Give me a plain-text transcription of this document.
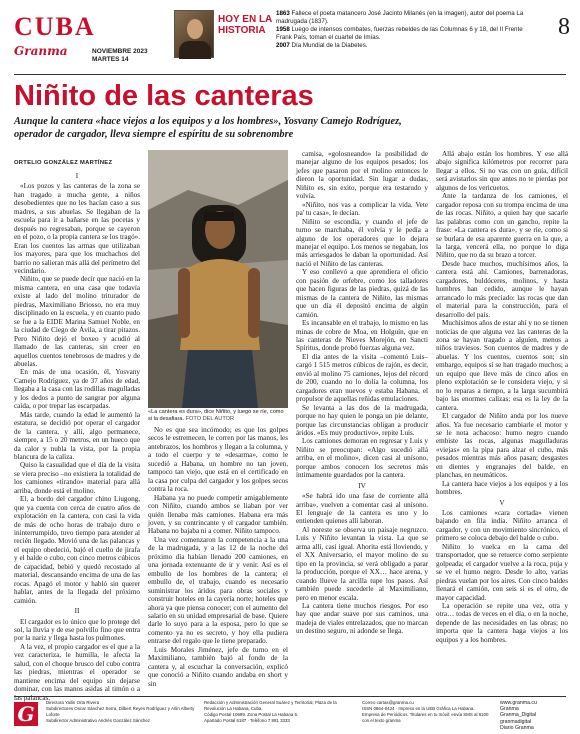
CUBA
Granma	NOVIEMBRE 2023
MARTES 14
HOY EN LA
HISTORIA
1863 Fallece el poeta matancero José Jacinto Milanés (en la imagen), autor del poema La madrugada (1837).
1958 Luego de intensos combates, fuerzas rebeldes de las Columnas 6 y 18, del II Frente Frank País, toman el cuartel de Imías.
2007 Día Mundial de la Diabetes.
8
Niñito de las canteras
Aunque la cantera «hace viejos a los equipos y a los hombres», Yosvany Camejo Rodríguez, operador de cargador, lleva siempre el espíritu de su sobrenombre
ORTELIO GONZÁLEZ MARTÍNEZ

I

«Los pozos y las canteras de la zona se han tragado a mucha gente, a niños desobedientes que no les hacían caso a sus madres, a sus abuelas. Se llegaban de la escuela para ir a bañarse en las pocetas y después no regresaban, porque se cayeron en el pozo, o la propia cantera se los tragó». Eran los cuentos las armas que utilizaban los mayores, para que los muchachos del barrio no salieran más allá del perímetro del vecindario.

Niñito, que se puede decir que nació en la misma cantera, en una casa que todavía existe al lado del molino triturador de piedras, Maximiliano Briosso, no era muy disciplinado en la escuela, y en cuanto pudo se fue a la EIDE Marina Samuel Noble, en la ciudad de Ciego de Ávila, a tirar pitazos. Pero Niñito dejó el boxeo y acudió al llamado de las canteras, sin creer en aquellos cuentos tenebrosos de madres y de abuelas.

En más de una ocasión, él, Yosvany Camejo Rodríguez, ya de 37 años de edad, llegaba a la casa con las rodillas magulladas y los dedos a punto de sangrar por alguna caída, o por trepar las escarpadas.

Más tarde, cuando la edad le aumentó la estatura, se decidió por operar el cargador de la cantera, y allí, algo permanece, siempre, a 15 o 20 metros, en un hueco que da calor y nubla la vista, por la propia blancura de la caliza.

Quiso la casualidad que el día de la visita se viera preciso –no existiera la totalidad de los camiones «tirando» material para allá arriba, donde está el molino.

El, a bordo del cargador chino Liugong, que ya cuenta con cerca de cuatro años de explotación en la cantera, con casi la vida de más de ocho horas de trabajo duro e ininterrumpido, tuvo tiempo para atender al recién llegado. Movió una de las palancas y el equipo obedeció, bajó el cuello de jirafa y el balde o cubo, con cinco metros cúbicos de capacidad, bebió y quedó recostado al material, descansando encima de una de las rocas. Apagó el motor y habló sin querer hablar, antes de la llegada del próximo camión.

II

El cargador es lo único que lo protege del sol, la lluvia y de ese polvillo fino que entra por la nariz y llega hasta los pulmones.

A la vez, el propio cargador es el que a la vez caracteriza, le humilla, le afecta la salud, con el choque brusco del cubo contra las piedras, mientras el operador se mantiene encima del equipo sin dejarse dominar, con las manos asidas al timón o a las palancas.

«La cantera es dura», dice Niñito, y luego se ríe, como si la desafiara. FOTO DEL AUTOR

No es que sea incómodo; es que los golpes secos le estremecen, le corren por las manos, les antebrazos, los hombros y llegan a la columna, y a todo el cuerpo y te «desarma», como le sucedió a Habana, un hombre no tan joven, tampoco tan viejo, que está en el certificado en la casa por culpa del cargador y los golpes secos contra la roca.

Habana ya no puede competir amigablemente con Niñito, cuando ambos se liaban por ver quién llenaba más camiones. Habana era más joven, y su contrincante y el cargador también. Habana no bajaba ni a comer. Niñito tampoco.

Una vez comenzaron la competencia a la una de la madrugada, y a las 12 de la noche del próximo día habían llenado 200 camiones, en una jornada extenuante de ir y venir. Así es el embullo de los hombres de la cantera; el embullo de, el trabajo, cuando es necesario suministrar los áridos para obras sociales y construir hoteles en la cayería norte; hoteles que ahora ya que piensa conocer; con el aumento del salario en su unidad empresarial de base. Quiere darle lo suyo para a la esposa, pero lo que se comento ya no es secreto, y hoy ella pudiera entrarse del regalo que le tiene preparado.

Luis Morales Jiménez, jefe de turno en el Maximiliano, también bajó al fondo de la cantera y, al escuchar la conversación, explicó que conoció a Niñito cuando andaba en short y sin

camisa, «golosneando» la posibilidad de manejar alguno de los equipos pesados; los jefes que pasaron por el molino entonces le dieron la oportunidad. Sin lugar a dudas, Niñito es, sin exito, porque era testarudo y volvía.

«Niñito, nos vas a complicar la vida. Vete pa' tu casa», le decían.

Niñito se escondía, y cuando el jefe de turno se marchaba, él volvía y le pedía a alguno de los operadores que lo dejara manejar el equipo. Los menos se negaban, los más arriesgados le daban la oportunidad. Así nació el Niñito de las canteras.

Y eso conllevó a que aprendiera el oficio con pasión de orfebre, como los talladores que hacen figuras de las piedras, quizá de las mismas de la cantera de Niñito, las mismas que un día él depositó encima de algún camión.

Es incansable en el trabajo, lo mismo en las minas de cobre de Moa, en Holguín, que en las canteras de Nieves Morejón, en Sancti Spíritus, donde probó fuerzas alguna vez.

El día antes de la visita –comentó Luis– cargó 1 515 metros cúbicos de rajón, es decir, envió al molino 75 camiones, lejos del récord de 200, cuando no lo dolía la columna, los cargadores eran nuevos y estaba Habana, el propulsor de aquellas reñidas emulaciones.

Se levanta a las dos de la madrugada, porque no hay quien le ponga un pie delante, porque las circunstancias obligan a producir áridos. «Es muy productivo», repite Luis.

Los camiones demoran en regresar y Luis y Niñito se preocupan: «Algo sucedió allá arriba, en el molino», dicen casi al unísono, porque ambos conocen los secretos más íntimamente guardados por la cantera.

IV

«Se habrá ido una fase de corriente allá arriba», vuelven a comentar casi al unísono. El lenguaje de la cantera es uno y lo entienden quienes allí laboran.

Al noreste se observa un paisaje negruzco. Luis y Niñito levantan la vista. La que se arma allí, casi igual. Ahorita está lloviendo, y el XX Aniversario, el mayor molino de su tipo en la provincia, se verá obligado a parar la producción, porque el XX… hace arena, y cuando llueve la arcilla tupe los pasos. Así también puede sucederle al Maximiliano, pero en menor escala.

La cantera tiene muchos riesgos. Por eso hay que andar suave por sus caminos, una madeja de viales entrelazados, que no marcan un destino seguro, ni adonde se llega.

Allá abajo están los hombres. Y ese allá abajo significa kilómetros por recorrer para llegar a ellos. Si no vas con un guía, difícil será avistarlos sin que antes no te pierdas por algunos de los vericuetos.

Ante la tardanza de los camiones, el cargador reposa con su trompa encima de una de las rocas. Niñito, a quien hay que sacarle las palabras como con un gancho, repite la frase: «La cantera es dura», y se ríe, como si se burlara de esa aparente guerra en la que, a la larga, vencerá ella, no porque lo diga Niñito, que no da su brazo a torcer.

Desde hace muchos, muchísimos años, la cantera está ahí. Camiones, barrenadoras, cargadores, buldóceres, molinos, y hasta hombres han cedido, aunque le hayan arrancado lo más preciado: las rocas que dan el material para la construcción, para el desarrollo del país.

Muchísimos años de estar ahí y no se tienen noticias de que alguna vez las canteras de la zona se hayan tragado a alguien, menos a niños traviesos. Son cuentos de madres y de abuelas. Y los cuentos, cuentos son; sin embargo, equipos sí se han tragado muchos; a un equipo que lleve más de cinco años en pleno explotación se le considera viejo, y si no lo reparas a tiempo, a la larga sucumbirá bajo las enormes calizas; esa es la ley de la cantera.

El cargador de Niñito anda por los nueve años. Ya fue necesario cambiarle el motor y se le nota achacoso: humo negro cuando embiste las rocas, algunas magulladuras «viejas» en la pipa para alzar el cubo, más pesados mientras más años pasan; desgastes en dientes y engranajes del balde, en planchas, en neumáticos.

La cantera hace viejos a los equipos y a los hombres.

V

Los camiones «cara cortada» vienen bajando en fila india. Niñito arranca el cargador, y con un movimiento sincrónico, el primero se coloca debajo del balde o cubo.

Niñito lo vuelca en la cama del transportador, que se retuerce como serpiente golpeada; el cargador vuelve a la roca, puja y se ve el humo negro. Desde lo alto, varias piedras vuelan por los aires. Con cinco baldes llenará el camión, con seis si es el otro, de mayor capacidad.

La operación se repite una vez, otra y otra… todas de veces en el día, o en la noche, depende de las necesidades en las obras; no importa que la cantera haga viejos a los equipos y a los hombres.

G	Directora Yailin Orta Rivera
Subdirectores Oscar Sánchez Serra, Dilbert Reyes Rodríguez y Arlin Alberty Loforte
Subdirector Administrativo Andrés González Sánchez
Redacción y Administración General Suárez y Territorial, Plaza de la Revolución La Habana, Cuba.
Código Postal 10699. Zona Postal La Habana 6.
Apartado Postal 6187 · Teléfono 7 881 3333
Correo cartas@granma.cu
ISSN 0864-0424 · Impreso en la UEB Gráfica La Habana.
Empresa de Periódicos. Titulares en tu móvil: envía SMS al 8100 con el texto granma
www.granma.cu
Granma
Granma_Digital
granmadigital
Diario Granma
